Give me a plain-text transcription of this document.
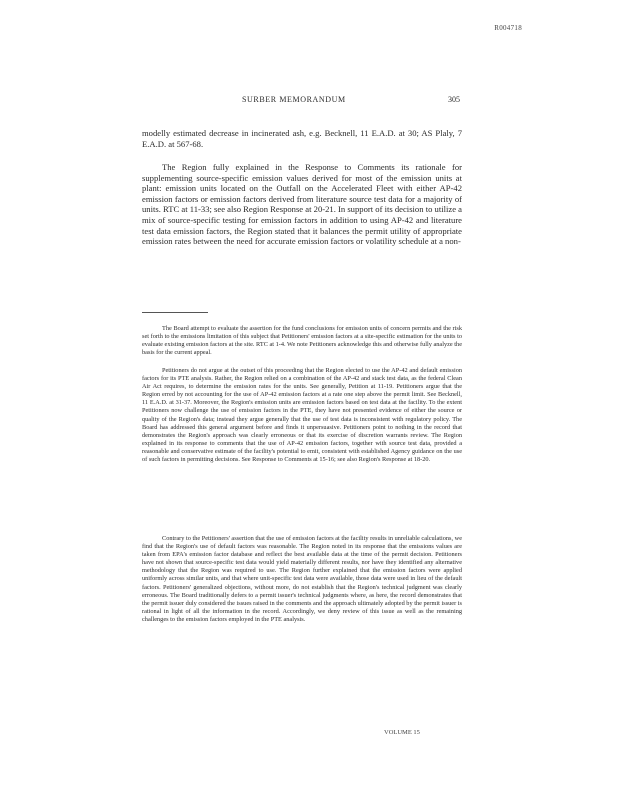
R004718
SURBER MEMORANDUM	305
modelly estimated decrease in incinerated ash, e.g. Becknell, 11 E.A.D. at 30; AS Plaly, 7 E.A.D. at 567-68.
The Region fully explained in the Response to Comments its rationale for supplementing source-specific emission values derived for most of the emission units at plant: emission units located on the Outfall on the Accelerated Fleet with either AP-42 emission factors or emission factors derived from literature source test data for a majority of units. RTC at 11-33; see also Region Response at 20-21. In support of its decision to utilize a mix of source-specific testing for emission factors in addition to using AP-42 and literature test data emission factors, the Region stated that it balances the permit utility of appropriate emission rates between the need for accurate emission factors or volatility schedule at a non-
The Board attempt to evaluate the assertion for the fund conclusions for emission units of concern permits and the risk set forth to the emissions limitation of this subject that Petitioners' emission factors at a site-specific estimation for the units to evaluate existing emission factors at the site. RTC at 1-4. We note Petitioners acknowledge this and otherwise fully analyze the basis for the current appeal.
Petitioners do not argue at the outset of this proceeding that the Region elected to use the AP-42 and default emission factors for its PTE analysis. Rather, the Region relied on a combination of the AP-42 and stack test data, as the federal Clean Air Act requires, to determine the emission rates for the units. See generally, Petition at 11-19. Petitioners argue that the Region erred by not accounting for the use of AP-42 emission factors at a rate one step above the permit limit. See Becknell, 11 E.A.D. at 31-37. Moreover, the Region's emission units are emission factors based on test data at the facility. To the extent Petitioners now challenge the use of emission factors in the PTE, they have not presented evidence of either the source or quality of the Region's data; instead they argue generally that the use of test data is inconsistent with regulatory policy. The Board has addressed this general argument before and finds it unpersuasive. Petitioners point to nothing in the record that demonstrates the Region's approach was clearly erroneous or that its exercise of discretion warrants review. The Region explained in its response to comments that the use of AP-42 emission factors, together with source test data, provided a reasonable and conservative estimate of the facility's potential to emit, consistent with established Agency guidance on the use of such factors in permitting decisions. See Response to Comments at 15-16; see also Region's Response at 18-20.
Contrary to the Petitioners' assertion that the use of emission factors at the facility results in unreliable calculations, we find that the Region's use of default factors was reasonable. The Region noted in its response that the emissions values are taken from EPA's emission factor database and reflect the best available data at the time of the permit decision. Petitioners have not shown that source-specific test data would yield materially different results, nor have they identified any alternative methodology that the Region was required to use. The Region further explained that the emission factors were applied uniformly across similar units, and that where unit-specific test data were available, those data were used in lieu of the default factors. Petitioners' generalized objections, without more, do not establish that the Region's technical judgment was clearly erroneous. The Board traditionally defers to a permit issuer's technical judgments where, as here, the record demonstrates that the permit issuer duly considered the issues raised in the comments and the approach ultimately adopted by the permit issuer is rational in light of all the information in the record. Accordingly, we deny review of this issue as well as the remaining challenges to the emission factors employed in the PTE analysis.
VOLUME 15
